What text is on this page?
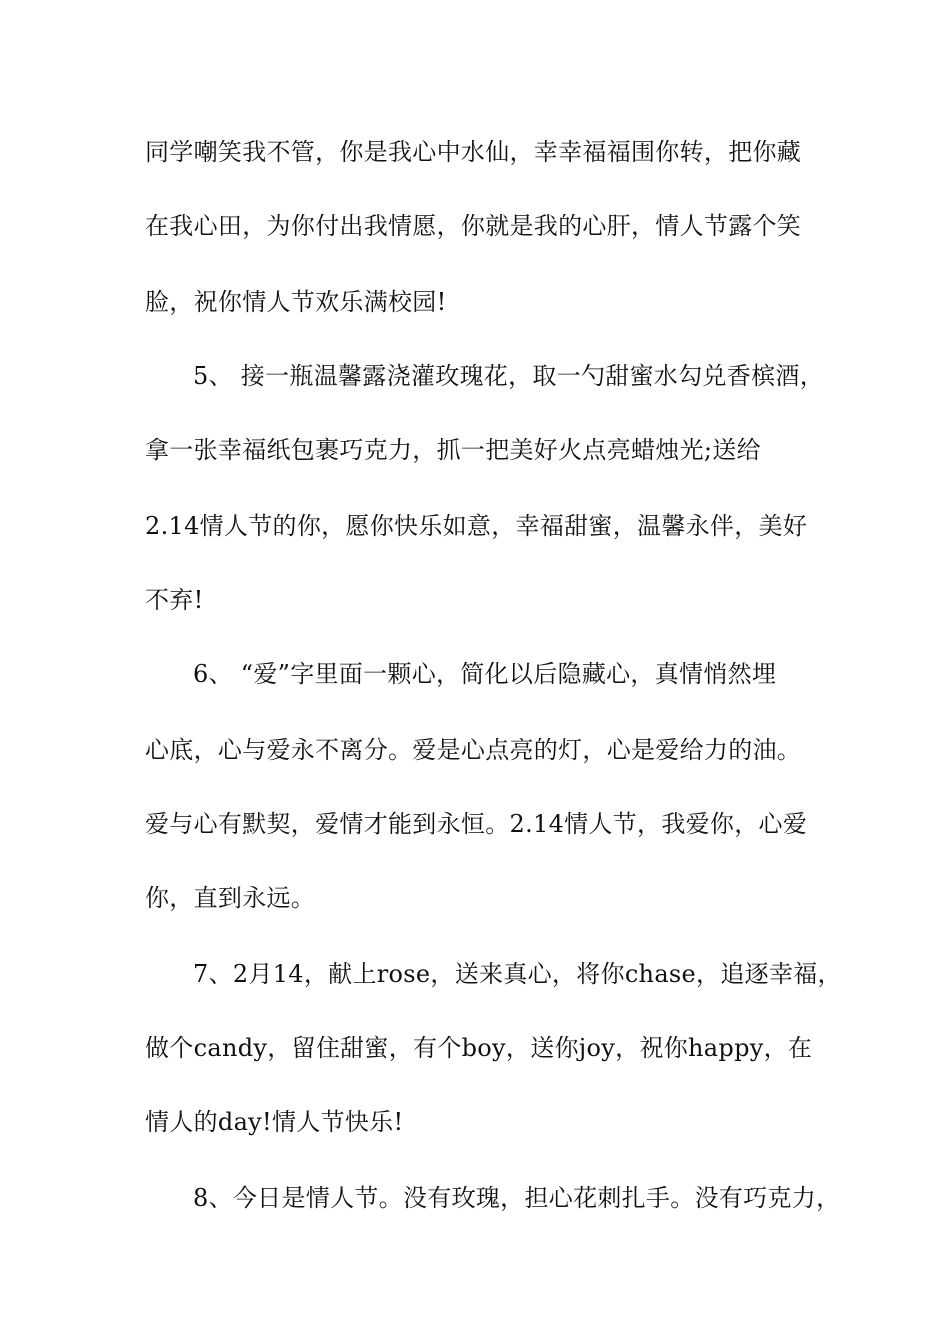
同学嘲笑我不管，你是我心中水仙，幸幸福福围你转，把你藏
在我心田，为你付出我情愿，你就是我的心肝，情人节露个笑
脸，祝你情人节欢乐满校园!
5、 接一瓶温馨露浇灌玫瑰花，取一勺甜蜜水勾兑香槟酒，
拿一张幸福纸包裹巧克力，抓一把美好火点亮蜡烛光;送给
2.14情人节的你，愿你快乐如意，幸福甜蜜，温馨永伴，美好
不弃!
6、 “爱”字里面一颗心，简化以后隐藏心，真情悄然埋
心底，心与爱永不离分。爱是心点亮的灯，心是爱给力的油。
爱与心有默契，爱情才能到永恒。2.14情人节，我爱你，心爱
你，直到永远。
7、2月14，献上rose，送来真心，将你chase，追逐幸福，
做个candy，留住甜蜜，有个boy，送你joy，祝你happy，在
情人的day!情人节快乐!
8、今日是情人节。没有玫瑰，担心花刺扎手。没有巧克力，
